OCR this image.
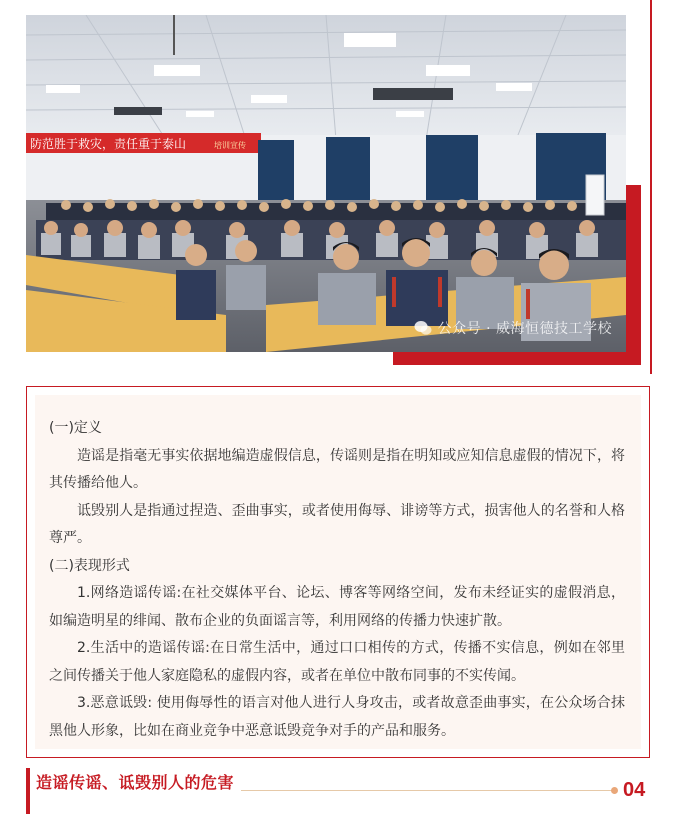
防范胜于救灾，责任重于泰山	培训宣传
公众号 · 威海恒德技工学校

(一)定义

造谣是指毫无事实依据地编造虚假信息，传谣则是指在明知或应知信息虚假的情况下，将其传播给他人。

诋毁别人是指通过捏造、歪曲事实，或者使用侮辱、诽谤等方式，损害他人的名誉和人格尊严。

(二)表现形式

1.网络造谣传谣:在社交媒体平台、论坛、博客等网络空间，发布未经证实的虚假消息，如编造明星的绯闻、散布企业的负面谣言等，利用网络的传播力快速扩散。

2.生活中的造谣传谣:在日常生活中，通过口口相传的方式，传播不实信息，例如在邻里之间传播关于他人家庭隐私的虚假内容，或者在单位中散布同事的不实传闻。

3.恶意诋毁: 使用侮辱性的语言对他人进行人身攻击，或者故意歪曲事实，在公众场合抹黑他人形象，比如在商业竞争中恶意诋毁竞争对手的产品和服务。

造谣传谣、诋毁别人的危害	04
